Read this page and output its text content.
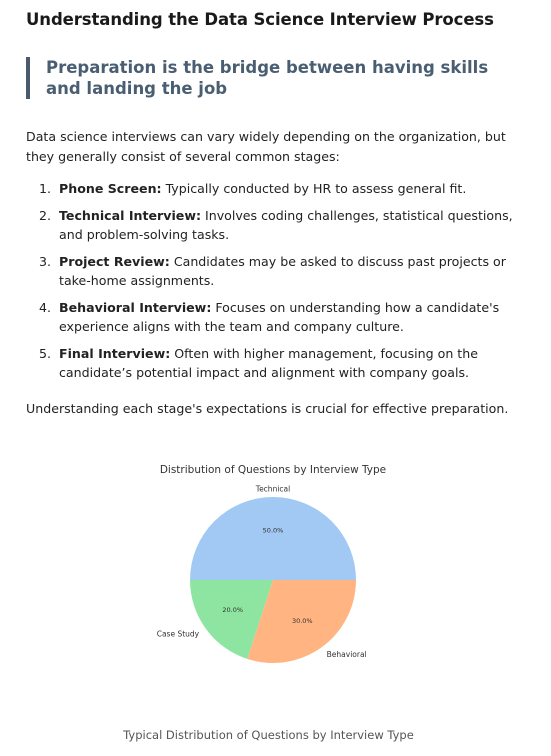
Understanding the Data Science Interview Process
Preparation is the bridge between having skills and landing the job

Data science interviews can vary widely depending on the organization, but they generally consist of several common stages:

1. Phone Screen: Typically conducted by HR to assess general fit.
2. Technical Interview: Involves coding challenges, statistical questions, and problem-solving tasks.
3. Project Review: Candidates may be asked to discuss past projects or take-home assignments.
4. Behavioral Interview: Focuses on understanding how a candidate's experience aligns with the team and company culture.
5. Final Interview: Often with higher management, focusing on the candidate’s potential impact and alignment with company goals.

Understanding each stage's expectations is crucial for effective preparation.

Distribution of Questions by Interview Type
50.0%
Technical
20.0%
Case Study
30.0%
Behavioral
Typical Distribution of Questions by Interview Type
